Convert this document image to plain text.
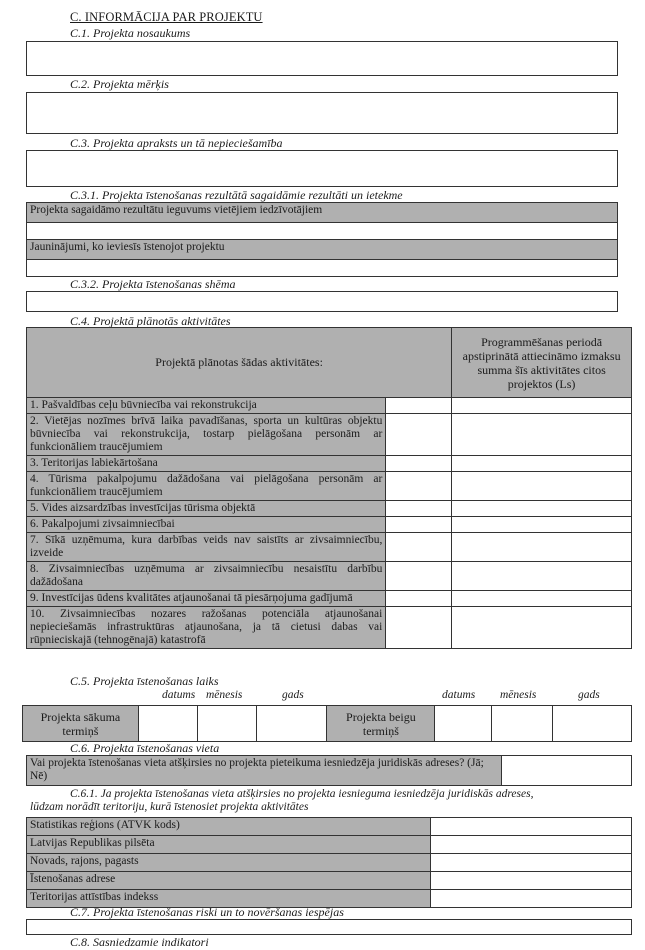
C. INFORMĀCIJA PAR PROJEKTU
C.1. Projekta nosaukums
C.2. Projekta mērķis
C.3. Projekta apraksts un tā nepieciešamība
C.3.1. Projekta īstenošanas rezultātā sagaidāmie rezultāti un ietekme
Projekta sagaidāmo rezultātu ieguvums vietējiem iedzīvotājiem

Jauninājumi, ko ieviesīs īstenojot projektu

C.3.2. Projekta īstenošanas shēma
C.4. Projektā plānotās aktivitātes
Projektā plānotas šādas aktivitātes:		Programmēšanas periodā apstiprinātā attiecināmo izmaksu summa šīs aktivitātes citos projektos (Ls)
1. Pašvaldības ceļu būvniecība vai rekonstrukcija		
2. Vietējas nozīmes brīvā laika pavadīšanas, sporta un kultūras objektu būvniecība vai rekonstrukcija, tostarp pielāgošana personām ar funkcionāliem traucējumiem		
3. Teritorijas labiekārtošana		
4. Tūrisma pakalpojumu dažādošana vai pielāgošana personām ar funkcionāliem traucējumiem		
5. Vides aizsardzības investīcijas tūrisma objektā		
6. Pakalpojumi zivsaimniecībai		
7. Sīkā uzņēmuma, kura darbības veids nav saistīts ar zivsaimniecību, izveide		
8. Zivsaimniecības uzņēmuma ar zivsaimniecību nesaistītu darbību dažādošana		
9. Investīcijas ūdens kvalitātes atjaunošanai tā piesārņojuma gadījumā		
10. Zivsaimniecības nozares ražošanas potenciāla atjaunošanai nepieciešamās infrastruktūras atjaunošana, ja tā cietusi dabas vai rūpnieciskajā (tehnogēnajā) katastrofā		
C.5. Projekta īstenošanas laiks
datums mēnesis	gads	datums mēnesis	gads
Projekta sākuma termiņš				Projekta beigu termiņš			
C.6. Projekta īstenošanas vieta
Vai projekta īstenošanas vieta atšķirsies no projekta pieteikuma iesniedzēja juridiskās adreses? (Jā; Nē)	
C.6.1. Ja projekta īstenošanas vieta atšķirsies no projekta iesnieguma iesniedzēja juridiskās adreses,
lūdzam norādīt teritoriju, kurā īstenosiet projekta aktivitātes
Statistikas reģions (ATVK kods)	
Latvijas Republikas pilsēta	
Novads, rajons, pagasts	
Īstenošanas adrese	
Teritorijas attīstības indekss	
C.7. Projekta īstenošanas riski un to novēršanas iespējas
C.8. Sasniedzamie indikatori
